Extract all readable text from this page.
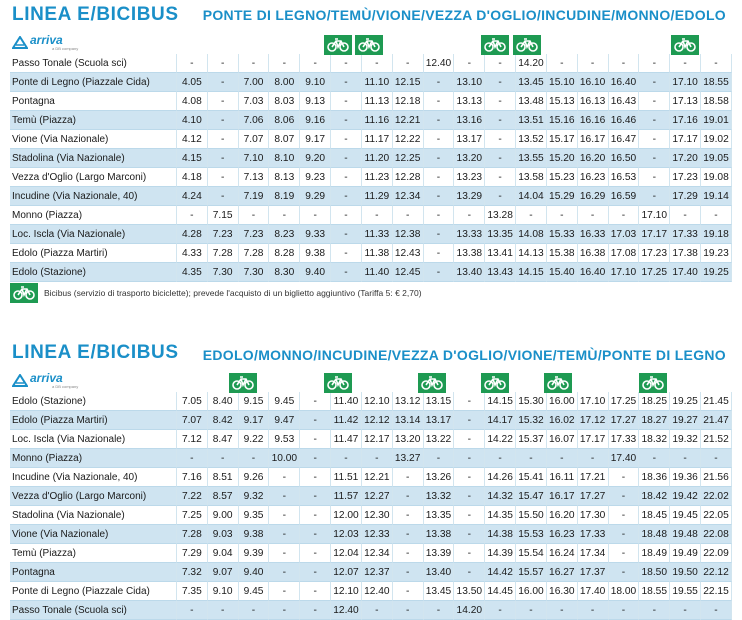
LINEA E/BICIBUS PONTE DI LEGNO/TEMÙ/VIONE/VEZZA D'OGLIO/INCUDINE/MONNO/EDOLO
arriva
a DB company
Passo Tonale (Scuola sci)	-	-	-	-	-	-	-	-	12.40	-	-	14.20	-	-	-	-	-	-
Ponte di Legno (Piazzale Cida)	4.05	-	7.00	8.00	9.10	-	11.10	12.15	-	13.10	-	13.45	15.10	16.10	16.40	-	17.10	18.55
Pontagna	4.08	-	7.03	8.03	9.13	-	11.13	12.18	-	13.13	-	13.48	15.13	16.13	16.43	-	17.13	18.58
Temù (Piazza)	4.10	-	7.06	8.06	9.16	-	11.16	12.21	-	13.16	-	13.51	15.16	16.16	16.46	-	17.16	19.01
Vione (Via Nazionale)	4.12	-	7.07	8.07	9.17	-	11.17	12.22	-	13.17	-	13.52	15.17	16.17	16.47	-	17.17	19.02
Stadolina (Via Nazionale)	4.15	-	7.10	8.10	9.20	-	11.20	12.25	-	13.20	-	13.55	15.20	16.20	16.50	-	17.20	19.05
Vezza d'Oglio (Largo Marconi)	4.18	-	7.13	8.13	9.23	-	11.23	12.28	-	13.23	-	13.58	15.23	16.23	16.53	-	17.23	19.08
Incudine (Via Nazionale, 40)	4.24	-	7.19	8.19	9.29	-	11.29	12.34	-	13.29	-	14.04	15.29	16.29	16.59	-	17.29	19.14
Monno (Piazza)	-	7.15	-	-	-	-	-	-	-	-	13.28	-	-	-	-	17.10	-	-
Loc. Iscla (Via Nazionale)	4.28	7.23	7.23	8.23	9.33	-	11.33	12.38	-	13.33	13.35	14.08	15.33	16.33	17.03	17.17	17.33	19.18
Edolo (Piazza Martiri)	4.33	7.28	7.28	8.28	9.38	-	11.38	12.43	-	13.38	13.41	14.13	15.38	16.38	17.08	17.23	17.38	19.23
Edolo (Stazione)	4.35	7.30	7.30	8.30	9.40	-	11.40	12.45	-	13.40	13.43	14.15	15.40	16.40	17.10	17.25	17.40	19.25
Bicibus (servizio di trasporto biciclette); prevede l'acquisto di un biglietto aggiuntivo (Tariffa 5: € 2,70)
LINEA E/BICIBUS EDOLO/MONNO/INCUDINE/VEZZA D'OGLIO/VIONE/TEMÙ/PONTE DI LEGNO
arriva
a DB company
Edolo (Stazione)	7.05	8.40	9.15	9.45	-	11.40	12.10	13.12	13.15	-	14.15	15.30	16.00	17.10	17.25	18.25	19.25	21.45
Edolo (Piazza Martiri)	7.07	8.42	9.17	9.47	-	11.42	12.12	13.14	13.17	-	14.17	15.32	16.02	17.12	17.27	18.27	19.27	21.47
Loc. Iscla (Via Nazionale)	7.12	8.47	9.22	9.53	-	11.47	12.17	13.20	13.22	-	14.22	15.37	16.07	17.17	17.33	18.32	19.32	21.52
Monno (Piazza)	-	-	-	10.00	-	-	-	13.27	-	-	-	-	-	-	17.40	-	-	-
Incudine (Via Nazionale, 40)	7.16	8.51	9.26	-	-	11.51	12.21	-	13.26	-	14.26	15.41	16.11	17.21	-	18.36	19.36	21.56
Vezza d'Oglio (Largo Marconi)	7.22	8.57	9.32	-	-	11.57	12.27	-	13.32	-	14.32	15.47	16.17	17.27	-	18.42	19.42	22.02
Stadolina (Via Nazionale)	7.25	9.00	9.35	-	-	12.00	12.30	-	13.35	-	14.35	15.50	16.20	17.30	-	18.45	19.45	22.05
Vione (Via Nazionale)	7.28	9.03	9.38	-	-	12.03	12.33	-	13.38	-	14.38	15.53	16.23	17.33	-	18.48	19.48	22.08
Temù (Piazza)	7.29	9.04	9.39	-	-	12.04	12.34	-	13.39	-	14.39	15.54	16.24	17.34	-	18.49	19.49	22.09
Pontagna	7.32	9.07	9.40	-	-	12.07	12.37	-	13.40	-	14.42	15.57	16.27	17.37	-	18.50	19.50	22.12
Ponte di Legno (Piazzale Cida)	7.35	9.10	9.45	-	-	12.10	12.40	-	13.45	13.50	14.45	16.00	16.30	17.40	18.00	18.55	19.55	22.15
Passo Tonale (Scuola sci)	-	-	-	-	-	12.40	-	-	-	14.20	-	-	-	-	-	-	-	-
